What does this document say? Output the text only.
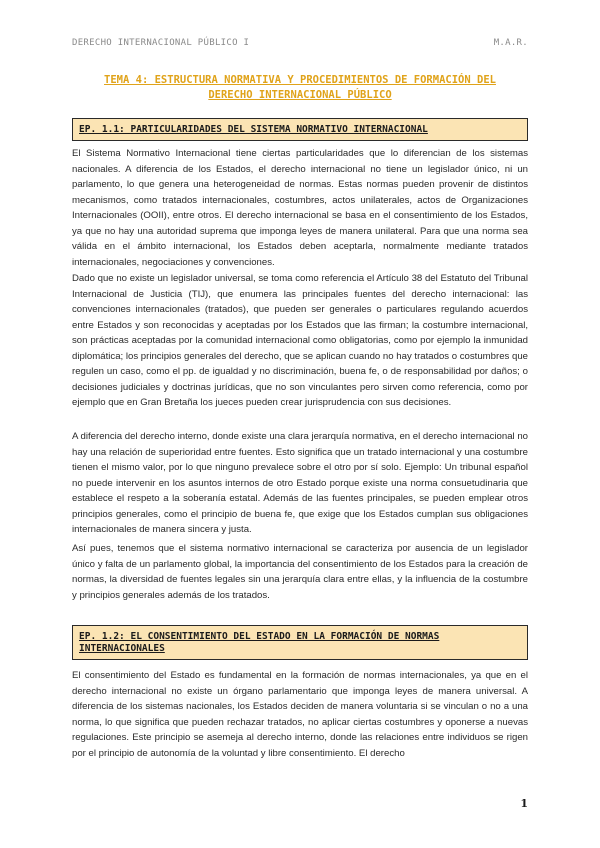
DERECHO INTERNACIONAL PÚBLICO I	M.A.R.
TEMA 4: ESTRUCTURA NORMATIVA Y PROCEDIMIENTOS DE FORMACIÓN DEL
DERECHO INTERNACIONAL PÚBLICO
EP. 1.1: PARTICULARIDADES DEL SISTEMA NORMATIVO INTERNACIONAL
El Sistema Normativo Internacional tiene ciertas particularidades que lo diferencian de los sistemas nacionales. A diferencia de los Estados, el derecho internacional no tiene un legislador único, ni un parlamento, lo que genera una heterogeneidad de normas. Estas normas pueden provenir de distintos mecanismos, como tratados internacionales, costumbres, actos unilaterales, actos de Organizaciones Internacionales (OOII), entre otros. El derecho internacional se basa en el consentimiento de los Estados, ya que no hay una autoridad suprema que imponga leyes de manera unilateral. Para que una norma sea válida en el ámbito internacional, los Estados deben aceptarla, normalmente mediante tratados internacionales, negociaciones y convenciones.
Dado que no existe un legislador universal, se toma como referencia el Artículo 38 del Estatuto del Tribunal Internacional de Justicia (TIJ), que enumera las principales fuentes del derecho internacional: las convenciones internacionales (tratados), que pueden ser generales o particulares regulando acuerdos entre Estados y son reconocidas y aceptadas por los Estados que las firman; la costumbre internacional, son prácticas aceptadas por la comunidad internacional como obligatorias, como por ejemplo la inmunidad diplomática; los principios generales del derecho, que se aplican cuando no hay tratados o costumbres que regulen un caso, como el pp. de igualdad y no discriminación, buena fe, o de responsabilidad por daños; o decisiones judiciales y doctrinas jurídicas, que no son vinculantes pero sirven como referencia, como por ejemplo que en Gran Bretaña los jueces pueden crear jurisprudencia con sus decisiones.
A diferencia del derecho interno, donde existe una clara jerarquía normativa, en el derecho internacional no hay una relación de superioridad entre fuentes. Esto significa que un tratado internacional y una costumbre tienen el mismo valor, por lo que ninguno prevalece sobre el otro por sí solo. Ejemplo: Un tribunal español no puede intervenir en los asuntos internos de otro Estado porque existe una norma consuetudinaria que establece el respeto a la soberanía estatal. Además de las fuentes principales, se pueden emplear otros principios generales, como el principio de buena fe, que exige que los Estados cumplan sus obligaciones internacionales de manera sincera y justa.
Así pues, tenemos que el sistema normativo internacional se caracteriza por ausencia de un legislador único y falta de un parlamento global, la importancia del consentimiento de los Estados para la creación de normas, la diversidad de fuentes legales sin una jerarquía clara entre ellas, y la influencia de la costumbre y principios generales además de los tratados.
EP. 1.2: EL CONSENTIMIENTO DEL ESTADO EN LA FORMACIÓN DE NORMAS INTERNACIONALES
El consentimiento del Estado es fundamental en la formación de normas internacionales, ya que en el derecho internacional no existe un órgano parlamentario que imponga leyes de manera universal. A diferencia de los sistemas nacionales, los Estados deciden de manera voluntaria si se vinculan o no a una norma, lo que significa que pueden rechazar tratados, no aplicar ciertas costumbres y oponerse a nuevas regulaciones. Este principio se asemeja al derecho interno, donde las relaciones entre individuos se rigen por el principio de autonomía de la voluntad y libre consentimiento. El derecho
1
